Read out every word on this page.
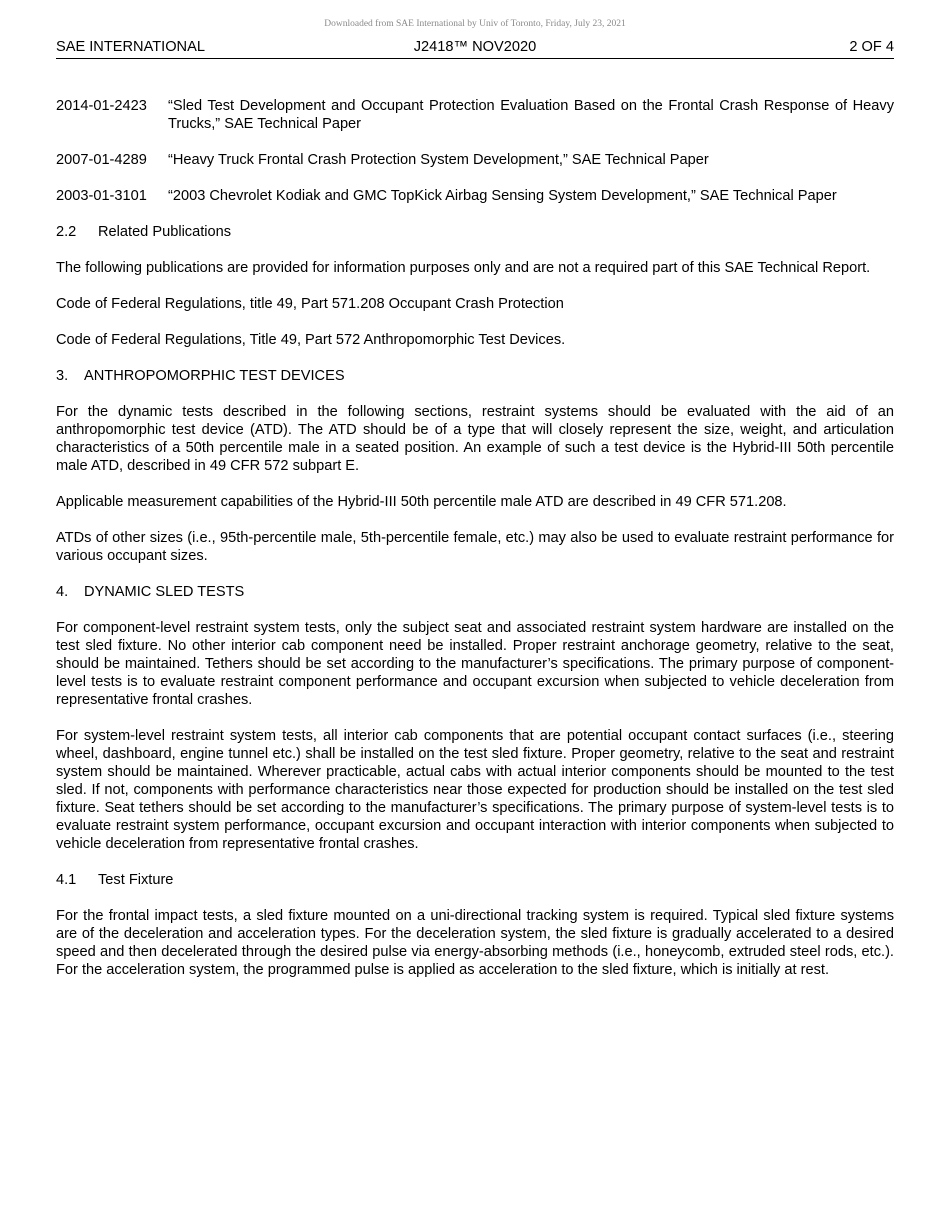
Downloaded from SAE International by Univ of Toronto, Friday, July 23, 2021
J2418™ NOV2020
SAE INTERNATIONAL	2 OF 4
2014-01-2423	“Sled Test Development and Occupant Protection Evaluation Based on the Frontal Crash Response of Heavy Trucks,” SAE Technical Paper
2007-01-4289	“Heavy Truck Frontal Crash Protection System Development,” SAE Technical Paper
2003-01-3101	“2003 Chevrolet Kodiak and GMC TopKick Airbag Sensing System Development,” SAE Technical Paper
2.2	Related Publications

The following publications are provided for information purposes only and are not a required part of this SAE Technical Report.

Code of Federal Regulations, title 49, Part 571.208 Occupant Crash Protection

Code of Federal Regulations, Title 49, Part 572 Anthropomorphic Test Devices.

3.	ANTHROPOMORPHIC TEST DEVICES

For the dynamic tests described in the following sections, restraint systems should be evaluated with the aid of an anthropomorphic test device (ATD). The ATD should be of a type that will closely represent the size, weight, and articulation characteristics of a 50th percentile male in a seated position. An example of such a test device is the Hybrid-III 50th percentile male ATD, described in 49 CFR 572 subpart E.

Applicable measurement capabilities of the Hybrid-III 50th percentile male ATD are described in 49 CFR 571.208.

ATDs of other sizes (i.e., 95th-percentile male, 5th-percentile female, etc.) may also be used to evaluate restraint performance for various occupant sizes.

4.	DYNAMIC SLED TESTS

For component-level restraint system tests, only the subject seat and associated restraint system hardware are installed on the test sled fixture. No other interior cab component need be installed. Proper restraint anchorage geometry, relative to the seat, should be maintained. Tethers should be set according to the manufacturer’s specifications. The primary purpose of component-level tests is to evaluate restraint component performance and occupant excursion when subjected to vehicle deceleration from representative frontal crashes.

For system-level restraint system tests, all interior cab components that are potential occupant contact surfaces (i.e., steering wheel, dashboard, engine tunnel etc.) shall be installed on the test sled fixture. Proper geometry, relative to the seat and restraint system should be maintained. Wherever practicable, actual cabs with actual interior components should be mounted to the test sled. If not, components with performance characteristics near those expected for production should be installed on the test sled fixture. Seat tethers should be set according to the manufacturer’s specifications. The primary purpose of system-level tests is to evaluate restraint system performance, occupant excursion and occupant interaction with interior components when subjected to vehicle deceleration from representative frontal crashes.

4.1	Test Fixture

For the frontal impact tests, a sled fixture mounted on a uni-directional tracking system is required. Typical sled fixture systems are of the deceleration and acceleration types. For the deceleration system, the sled fixture is gradually accelerated to a desired speed and then decelerated through the desired pulse via energy-absorbing methods (i.e., honeycomb, extruded steel rods, etc.). For the acceleration system, the programmed pulse is applied as acceleration to the sled fixture, which is initially at rest.
